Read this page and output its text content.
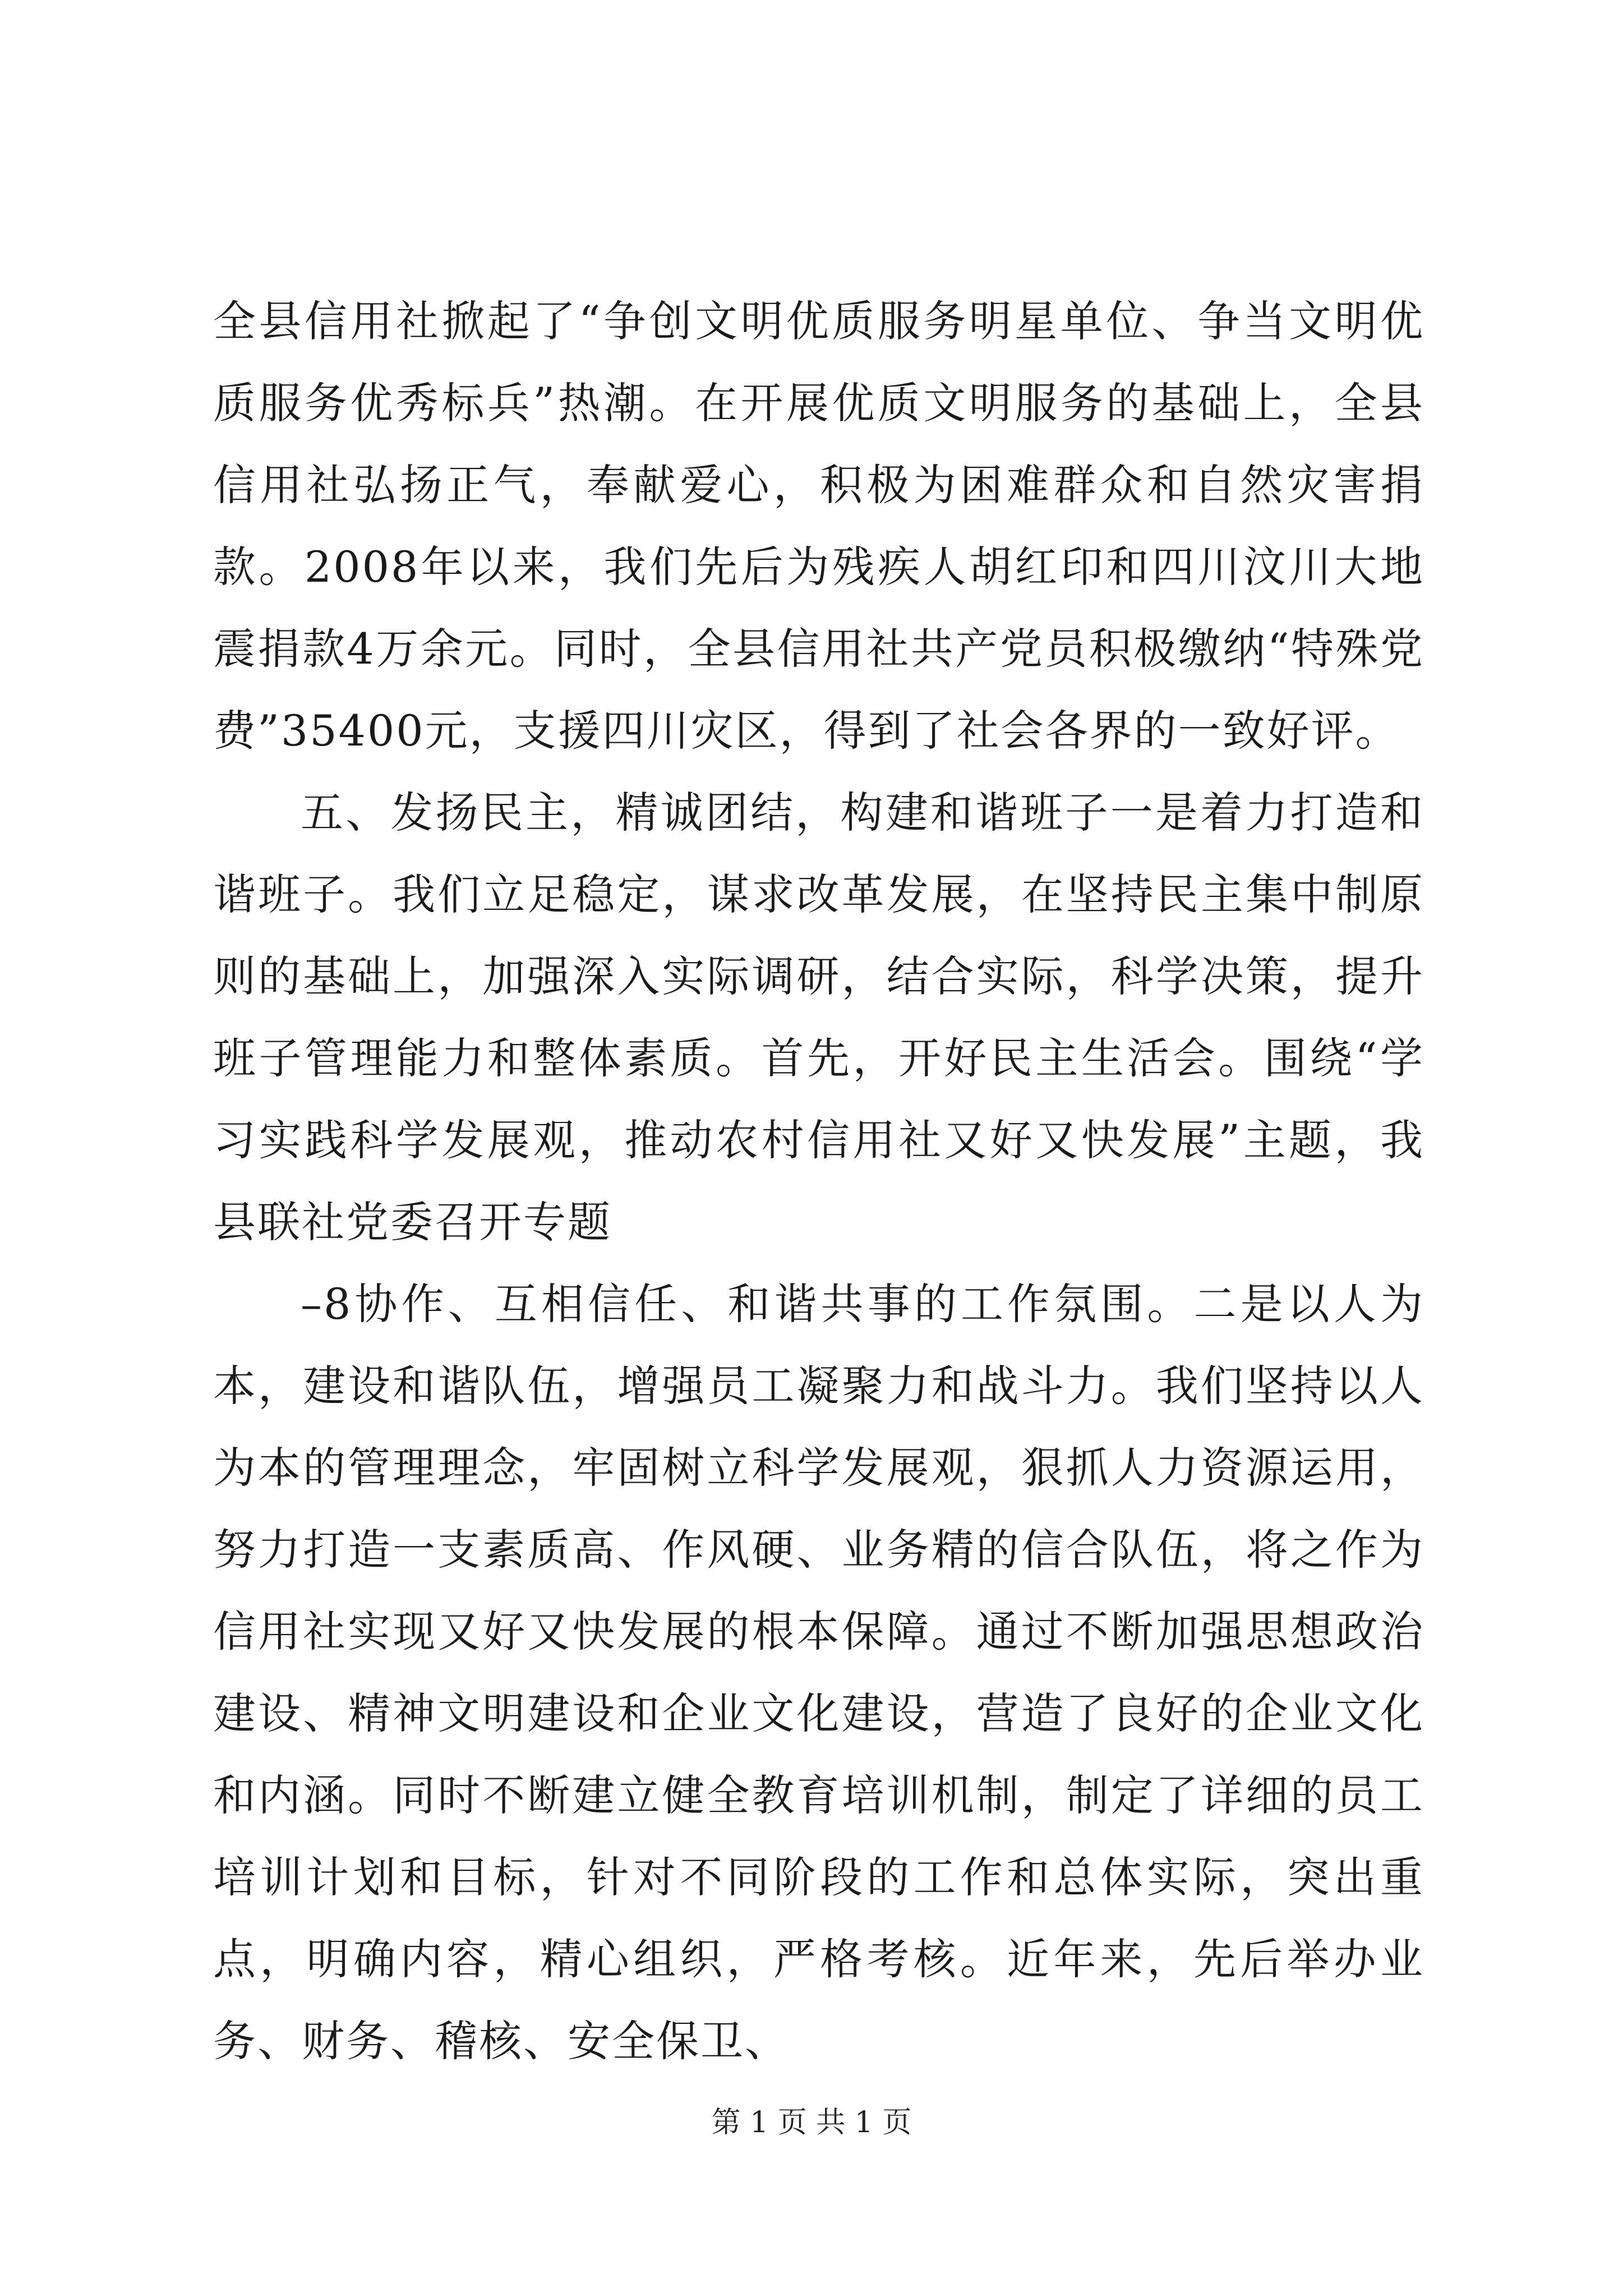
全县信用社掀起了“争创文明优质服务明星单位、争当文明优质服务优秀标兵”热潮。在开展优质文明服务的基础上，全县信用社弘扬正气，奉献爱心，积极为困难群众和自然灾害捐款。2008年以来，我们先后为残疾人胡红印和四川汶川大地震捐款4万余元。同时，全县信用社共产党员积极缴纳“特殊党费”35400元，支援四川灾区，得到了社会各界的一致好评。

五、发扬民主，精诚团结，构建和谐班子一是着力打造和谐班子。我们立足稳定，谋求改革发展，在坚持民主集中制原则的基础上，加强深入实际调研，结合实际，科学决策，提升班子管理能力和整体素质。首先，开好民主生活会。围绕“学习实践科学发展观，推动农村信用社又好又快发展”主题，我县联社党委召开专题

–8协作、互相信任、和谐共事的工作氛围。二是以人为本，建设和谐队伍，增强员工凝聚力和战斗力。我们坚持以人为本的管理理念，牢固树立科学发展观，狠抓人力资源运用，努力打造一支素质高、作风硬、业务精的信合队伍，将之作为信用社实现又好又快发展的根本保障。通过不断加强思想政治建设、精神文明建设和企业文化建设，营造了良好的企业文化和内涵。同时不断建立健全教育培训机制，制定了详细的员工培训计划和目标，针对不同阶段的工作和总体实际，突出重点，明确内容，精心组织，严格考核。近年来，先后举办业务、财务、稽核、安全保卫、

第 1 页 共 1 页
